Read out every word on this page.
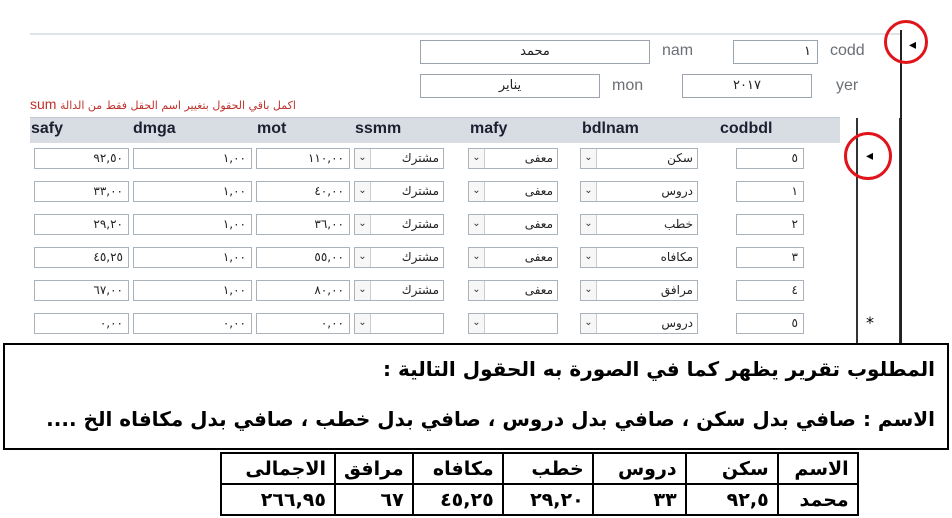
محمد	nam	١	codd
يناير	mon	٢٠١٧	yer
اكمل باقي الحقول بتغيير اسم الحقل فقط من الدالة sum
safy	dmga	mot	ssmm	mafy	bdlnam	codbdl
٩٢,٥٠	١,٠٠	١١٠,٠٠	⌄	مشترك	⌄	معفى	⌄	سكن	٥
٣٣,٠٠	١,٠٠	٤٠,٠٠	⌄	مشترك	⌄	معفى	⌄	دروس	١
٢٩,٢٠	١,٠٠	٣٦,٠٠	⌄	مشترك	⌄	معفى	⌄	خطب	٢
٤٥,٢٥	١,٠٠	٥٥,٠٠	⌄	مشترك	⌄	معفى	⌄	مكافاه	٣
٦٧,٠٠	١,٠٠	٨٠,٠٠	⌄	مشترك	⌄	معفى	⌄	مرافق	٤
٠,٠٠	٠,٠٠	٠,٠٠	⌄	⌄	⌄	دروس	٥
◂
*
◂
المطلوب تقرير يظهر كما في الصورة به الحقول التالية :
الاسم : صافي بدل سكن ، صافي بدل دروس ، صافي بدل خطب ، صافي بدل مكافاه الخ ....
الاسم	سكن	دروس	خطب	مكافاه	مرافق	الاجمالى
محمد	٩٢,٥	٣٣	٢٩,٢٠	٤٥,٢٥	٦٧	٢٦٦,٩٥
